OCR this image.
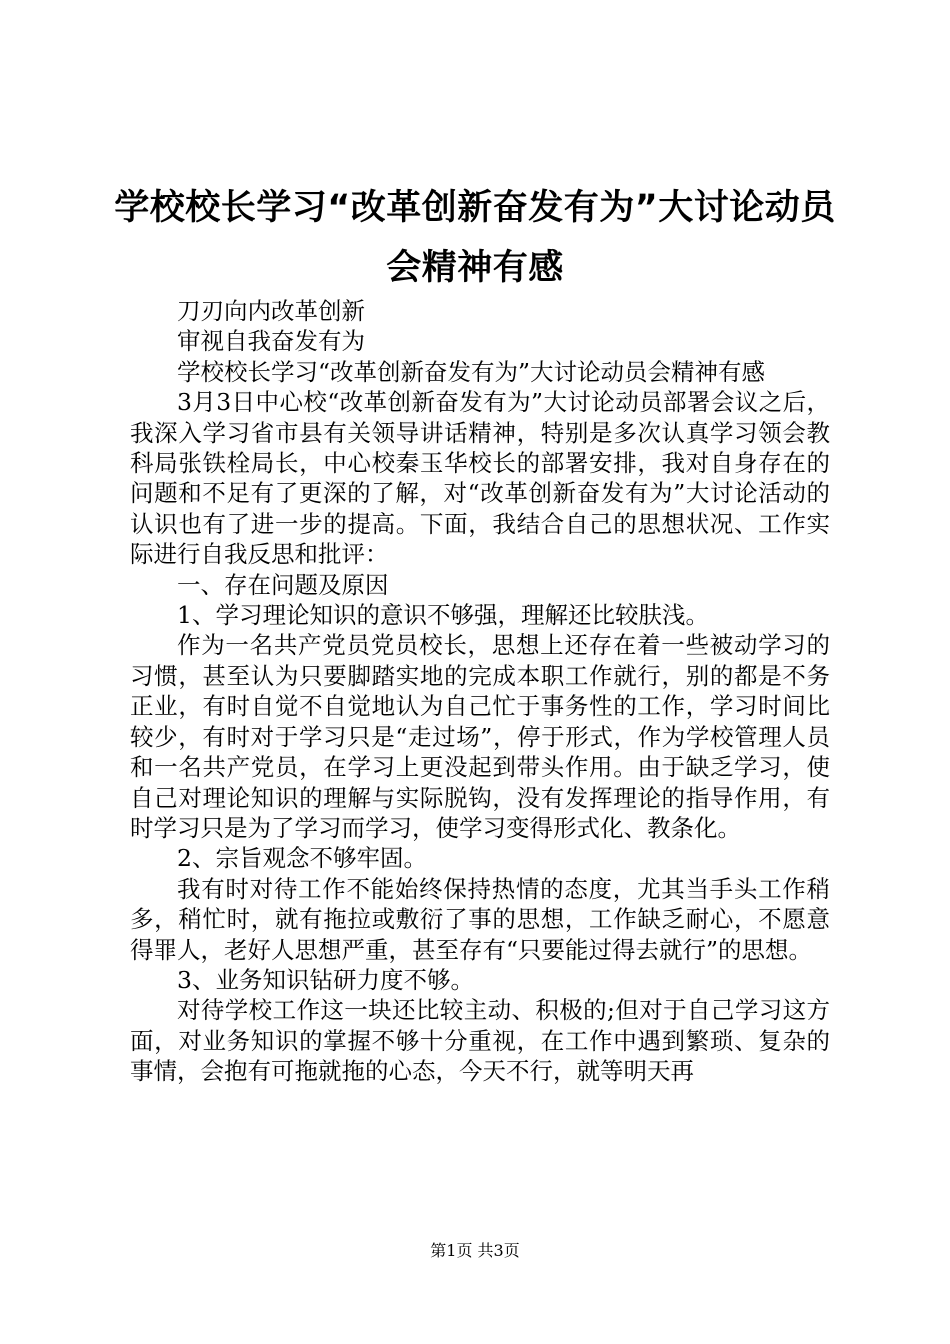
学校校长学习“改革创新奋发有为”大讨论动员会精神有感

刀刃向内改革创新

审视自我奋发有为

学校校长学习“改革创新奋发有为”大讨论动员会精神有感

3月3日中心校“改革创新奋发有为”大讨论动员部署会议之后，我深入学习省市县有关领导讲话精神，特别是多次认真学习领会教科局张铁栓局长，中心校秦玉华校长的部署安排，我对自身存在的问题和不足有了更深的了解，对“改革创新奋发有为”大讨论活动的认识也有了进一步的提高。下面，我结合自己的思想状况、工作实际进行自我反思和批评：

一、存在问题及原因

1、学习理论知识的意识不够强，理解还比较肤浅。

作为一名共产党员党员校长，思想上还存在着一些被动学习的习惯，甚至认为只要脚踏实地的完成本职工作就行，别的都是不务正业，有时自觉不自觉地认为自己忙于事务性的工作，学习时间比较少，有时对于学习只是“走过场”，停于形式，作为学校管理人员和一名共产党员，在学习上更没起到带头作用。由于缺乏学习，使自己对理论知识的理解与实际脱钩，没有发挥理论的指导作用，有时学习只是为了学习而学习，使学习变得形式化、教条化。

2、宗旨观念不够牢固。

我有时对待工作不能始终保持热情的态度，尤其当手头工作稍多，稍忙时，就有拖拉或敷衍了事的思想，工作缺乏耐心，不愿意得罪人，老好人思想严重，甚至存有“只要能过得去就行”的思想。

3、业务知识钻研力度不够。

对待学校工作这一块还比较主动、积极的;但对于自己学习这方面，对业务知识的掌握不够十分重视，在工作中遇到繁琐、复杂的事情，会抱有可拖就拖的心态，今天不行，就等明天再

第1页 共3页
